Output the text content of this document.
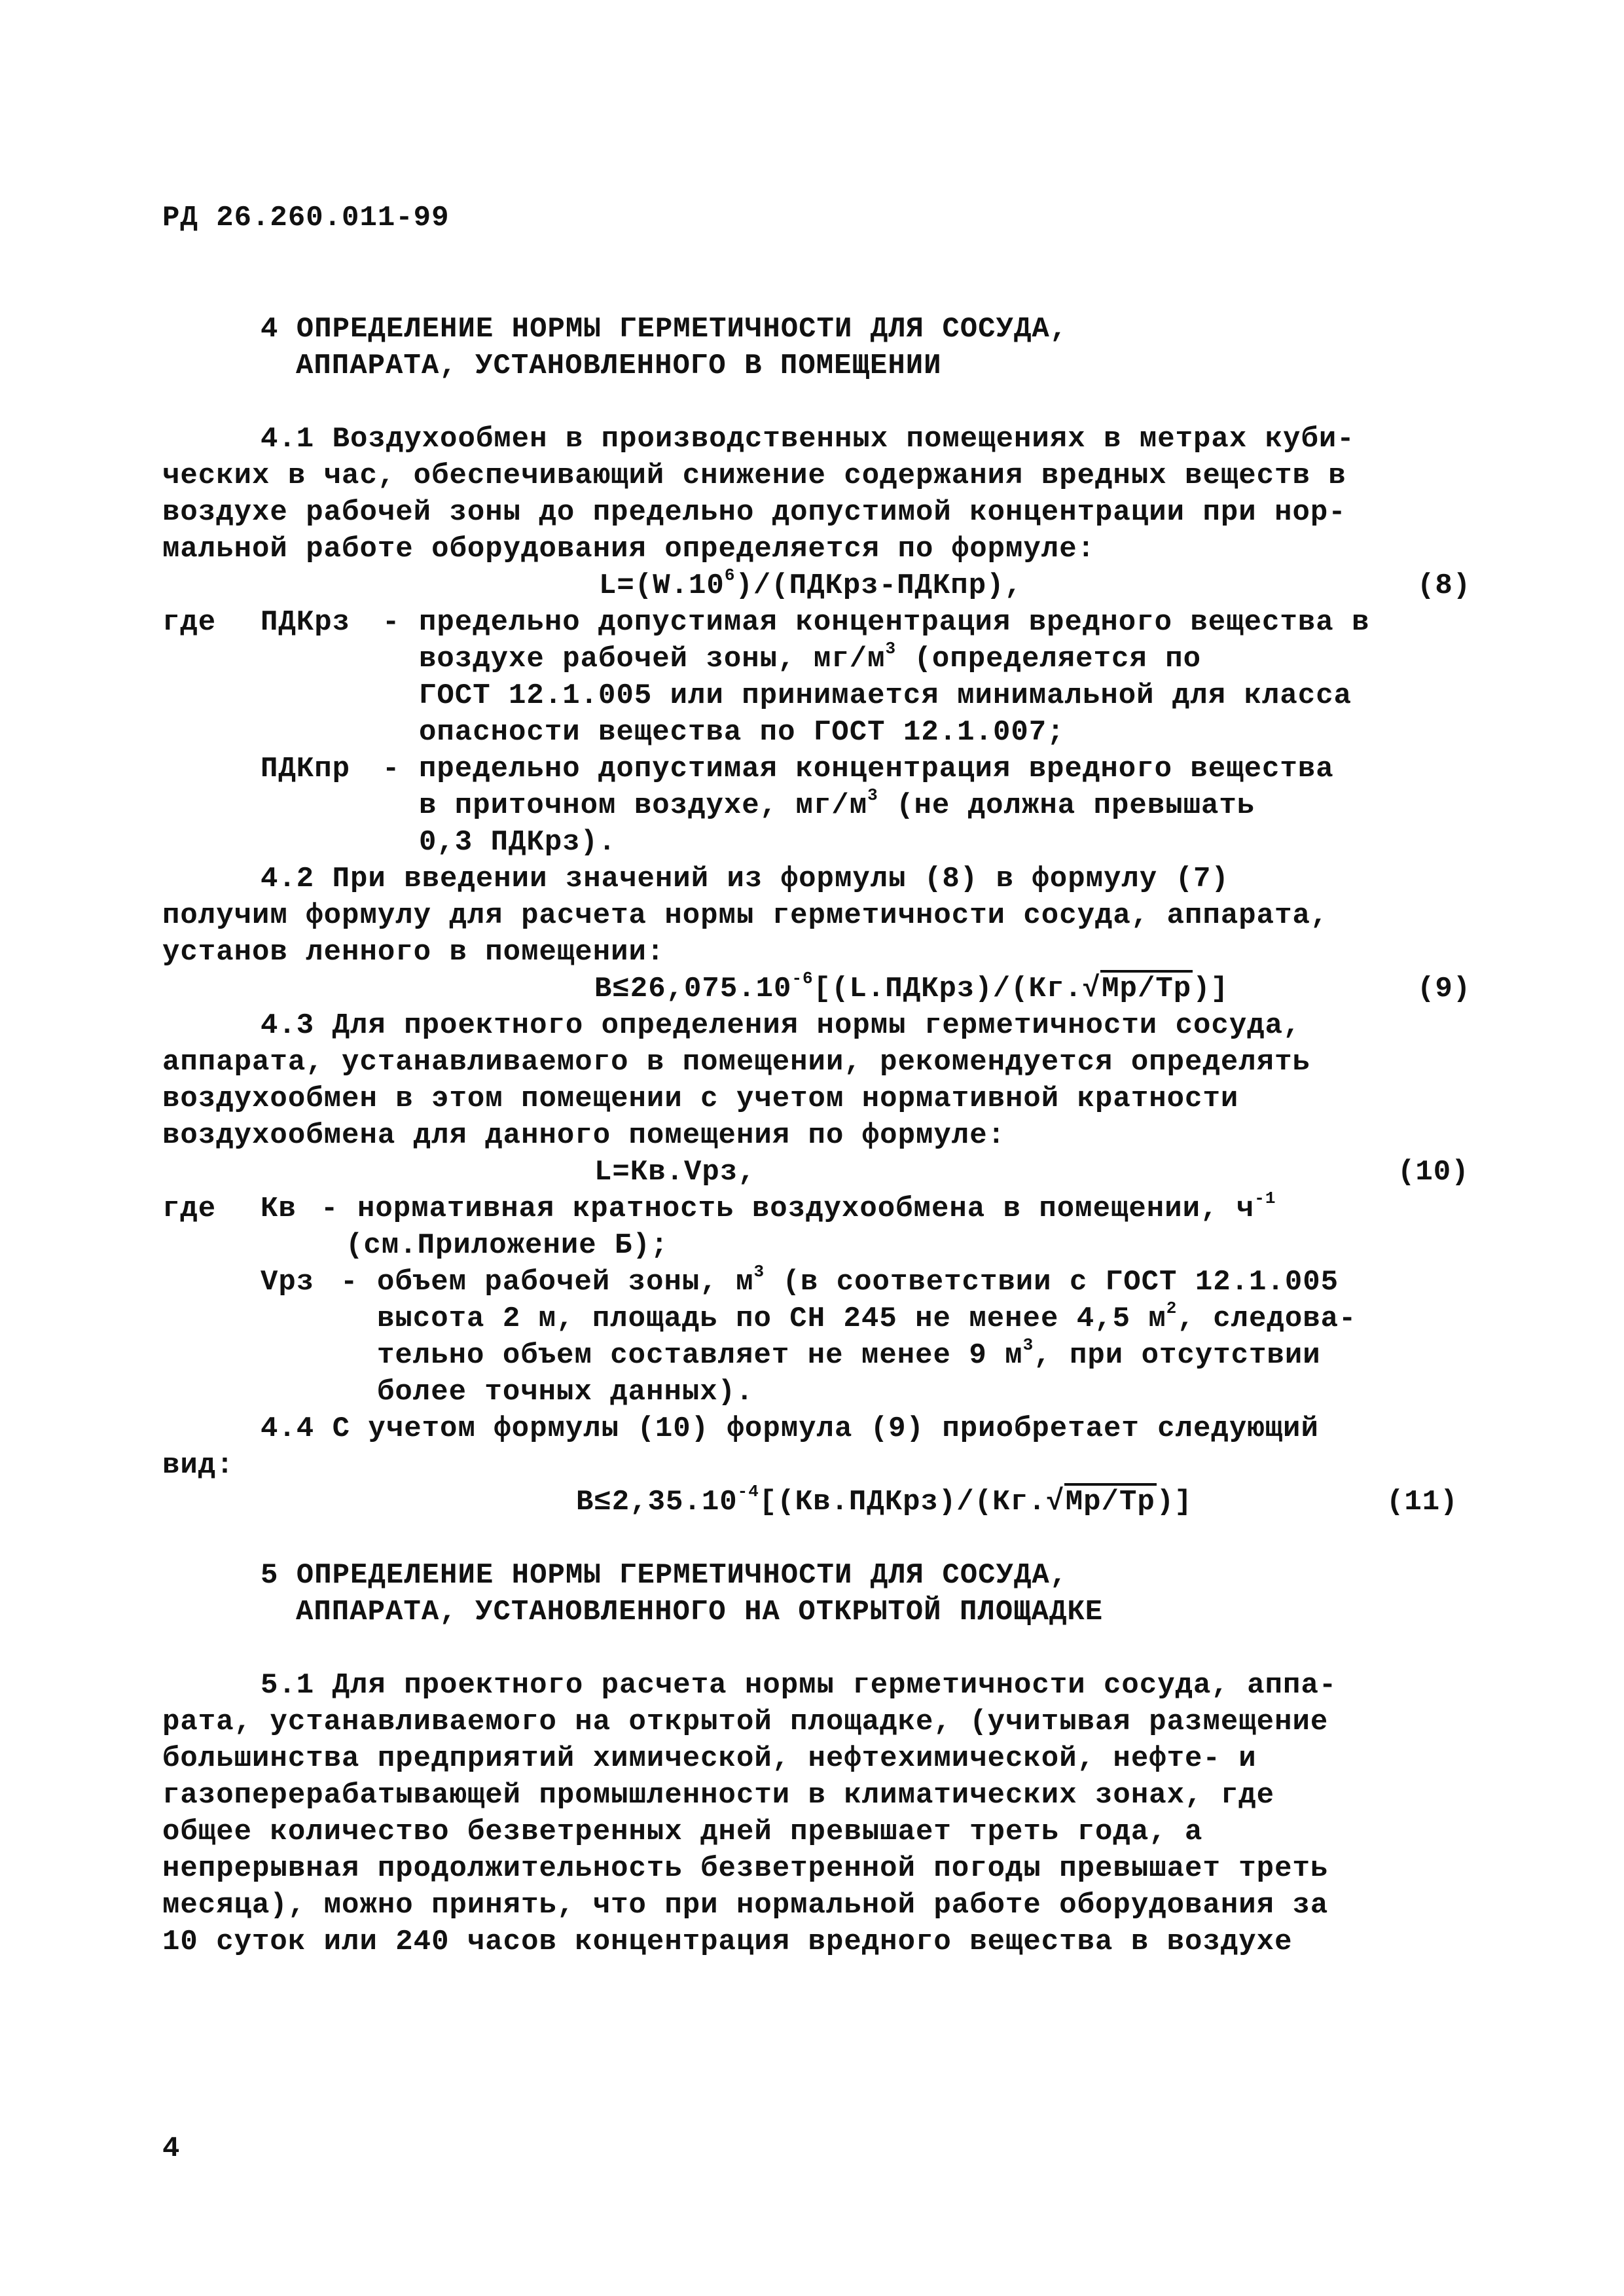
РД 26.260.011-99
4 ОПРЕДЕЛЕНИЕ НОРМЫ ГЕРМЕТИЧНОСТИ ДЛЯ СОСУДА,
АППАРАТА, УСТАНОВЛЕННОГО В ПОМЕЩЕНИИ
4.1 Воздухообмен в производственных помещениях в метрах куби-
ческих в час, обеспечивающий снижение содержания вредных веществ в
воздухе рабочей зоны до предельно допустимой концентрации при нор-
мальной работе оборудования определяется по формуле:
$L=(W.10^6)/(ПДКрз-ПДКпр)$,	(8)
где ПДКрз - предельно допустимая концентрация вредного вещества в
воздухе рабочей зоны, $мг/м^3$ (определяется по
ГОСТ 12.1.005 или принимается минимальной для класса
опасности вещества по ГОСТ 12.1.007;
ПДКпр - предельно допустимая концентрация вредного вещества
в приточном воздухе, $мг/м^3$ (не должна превышать
0,3 ПДКрз).
4.2 При введении значений из формулы (8) в формулу (7)
получим формулу для расчета нормы герметичности сосуда, аппарата,
установ ленного в помещении:
$B\le 26,075.10^{-6}[(L.ПДКрз)/(Кг.√Мр/Тр)]$	(9)
4.3 Для проектного определения нормы герметичности сосуда,
аппарата, устанавливаемого в помещении, рекомендуется определять
воздухообмен в этом помещении с учетом нормативной кратности
воздухообмена для данного помещения по формуле:
L=Кв.Vрз,	(10)
где Кв - нормативная кратность воздухообмена в помещении, $ч^{-1}$
(см.Приложение Б);
Vрз - объем рабочей зоны, $м^3$ (в соответствии с ГОСТ 12.1.005
высота 2 м, площадь по СН 245 не менее 4,5 $м^2$, следова-
тельно объем составляет не менее 9 $м^3$, при отсутствии
более точных данных).
4.4 С учетом формулы (10) формула (9) приобретает следующий
вид:
$B\le 2,35.10^{-4}[(Кв.ПДКрз)/(Кг.√Мр/Тр)]$	(11)
5 ОПРЕДЕЛЕНИЕ НОРМЫ ГЕРМЕТИЧНОСТИ ДЛЯ СОСУДА,
АППАРАТА, УСТАНОВЛЕННОГО НА ОТКРЫТОЙ ПЛОЩАДКЕ
5.1 Для проектного расчета нормы герметичности сосуда, аппа-
рата, устанавливаемого на открытой площадке, (учитывая размещение
большинства предприятий химической, нефтехимической, нефте- и
газоперерабатывающей промышленности в климатических зонах, где
общее количество безветренных дней превышает треть года, а
непрерывная продолжительность безветренной погоды превышает треть
месяца), можно принять, что при нормальной работе оборудования за
10 суток или 240 часов концентрация вредного вещества в воздухе
4
